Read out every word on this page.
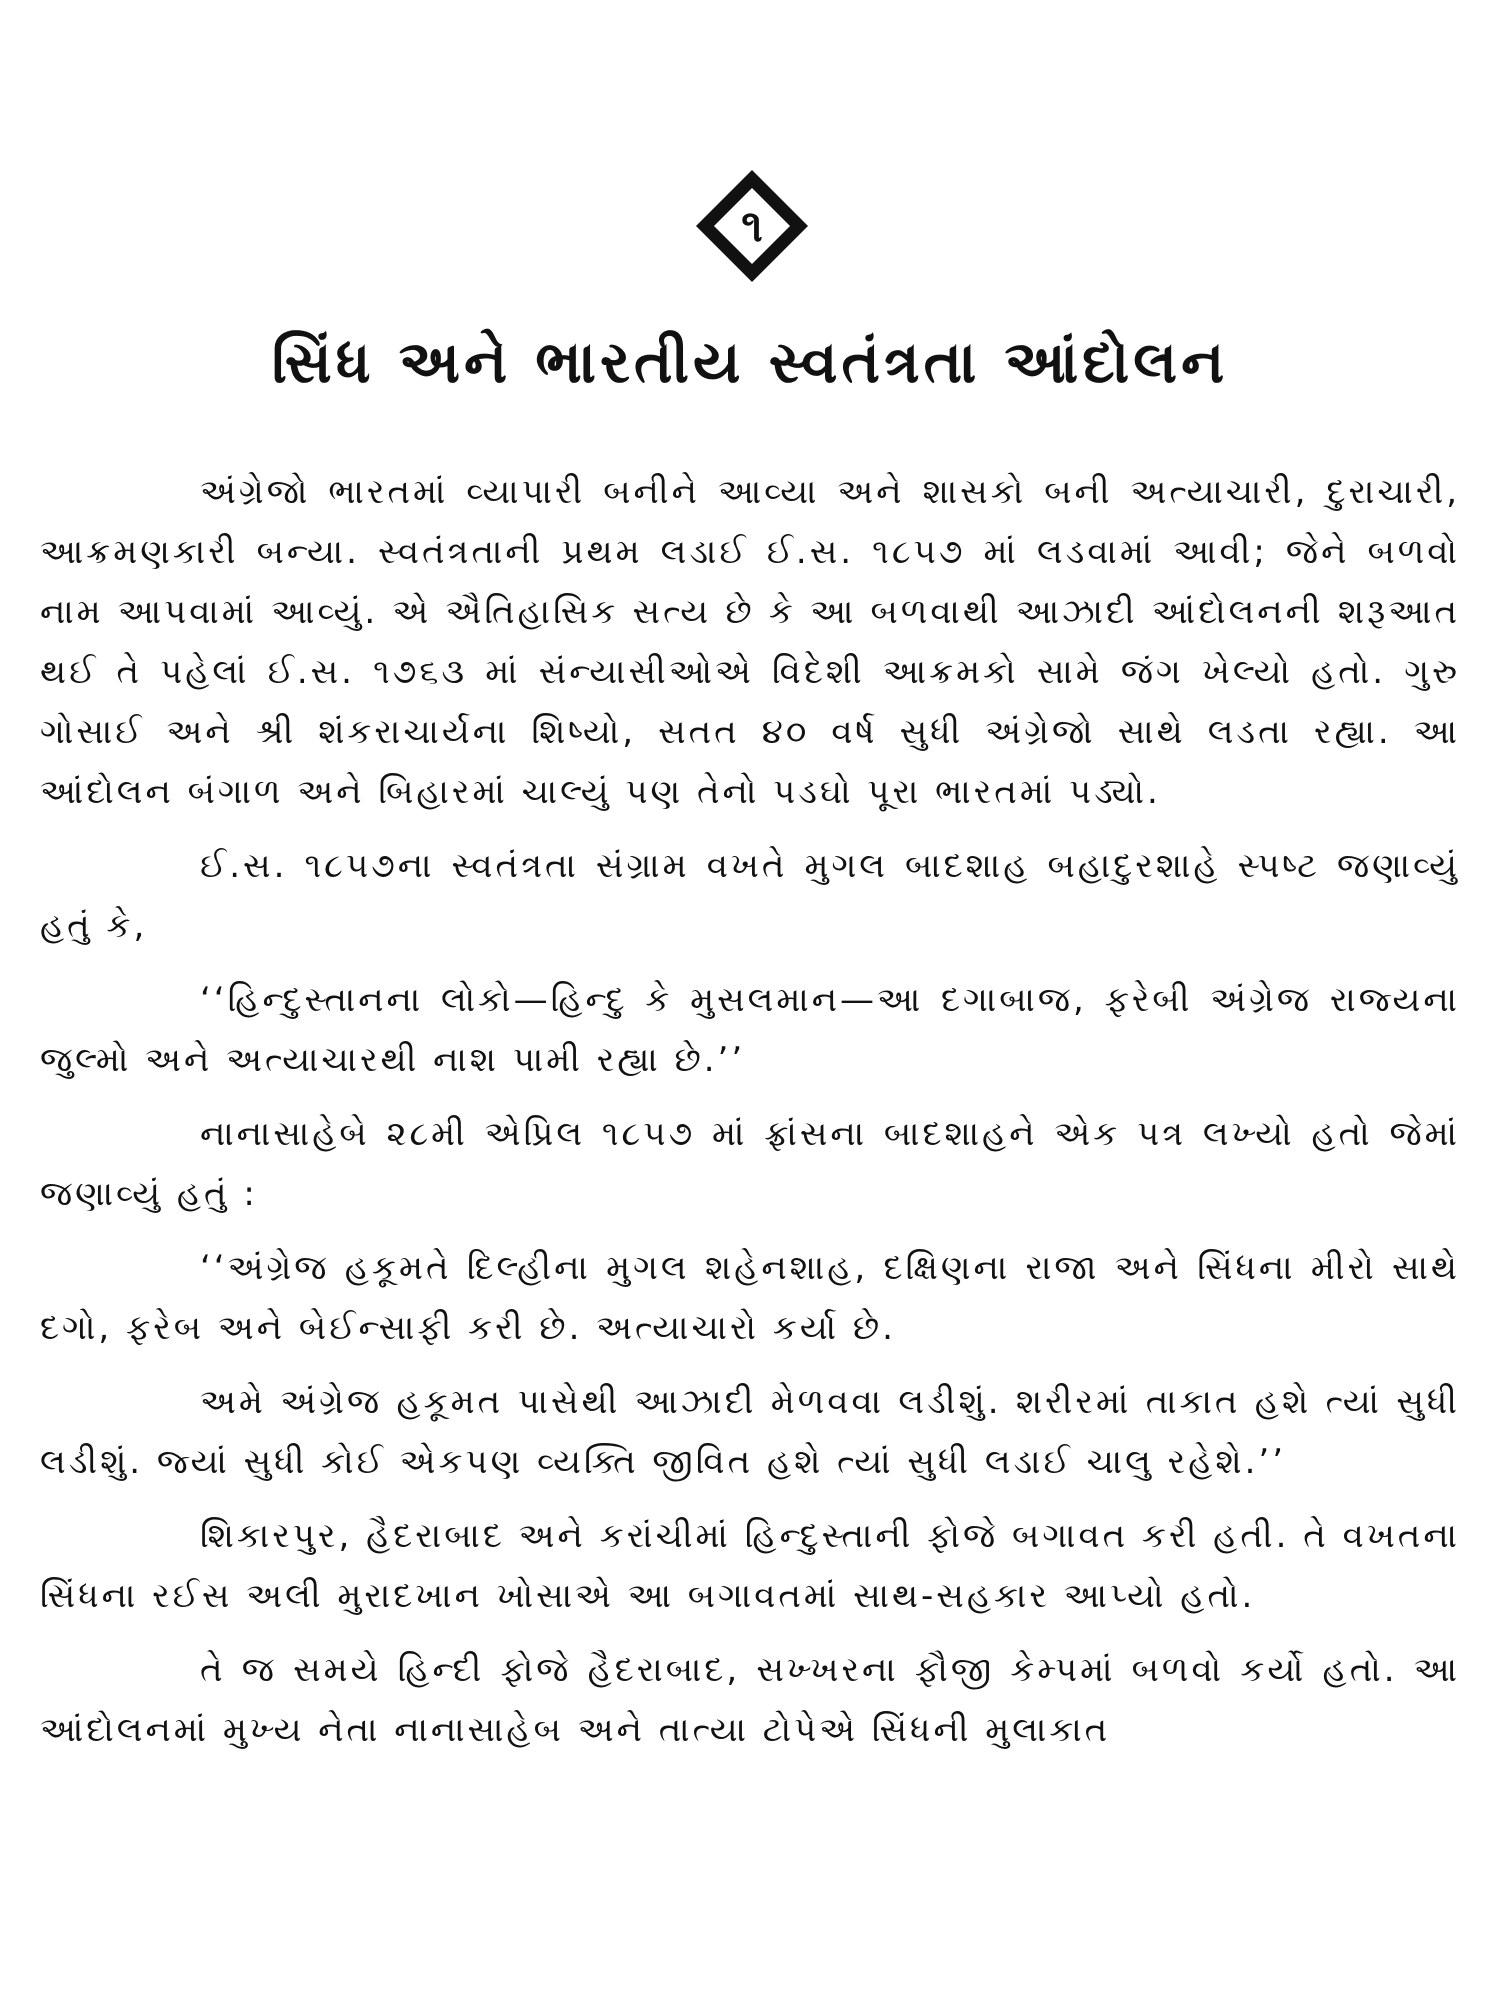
૧
સિંધ અને ભારતીય સ્વતંત્રતા આંદોલન

અંગ્રેજો ભારતમાં વ્યાપારી બનીને આવ્યા અને શાસકો બની અત્યાચારી, દુરાચારી, આક્રમણકારી બન્યા. સ્વતંત્રતાની પ્રથમ લડાઈ ઈ.સ. ૧૮૫૭ માં લડવામાં આવી; જેને બળવો નામ આપવામાં આવ્યું. એ ઐતિહાસિક સત્ય છે કે આ બળવાથી આઝાદી આંદોલનની શરૂઆત થઈ તે પહેલાં ઈ.સ. ૧૭૬૩ માં સંન્યાસીઓએ વિદેશી આક્રમકો સામે જંગ ખેલ્યો હતો. ગુરુ ગોસાઈ અને શ્રી શંકરાચાર્યના શિષ્યો, સતત ૪૦ વર્ષ સુધી અંગ્રેજો સાથે લડતા રહ્યા. આ આંદોલન બંગાળ અને બિહારમાં ચાલ્યું પણ તેનો પડઘો પૂરા ભારતમાં પડ્યો.

ઈ.સ. ૧૮૫૭ના સ્વતંત્રતા સંગ્રામ વખતે મુગલ બાદશાહ બહાદુરશાહે સ્પષ્ટ જણાવ્યું હતું કે,

‘‘હિન્દુસ્તાનના લોકો—હિન્દુ કે મુસલમાન—આ દગાબાજ, ફરેબી અંગ્રેજ રાજ્યના જુલ્મો અને અત્યાચારથી નાશ પામી રહ્યા છે.’’

નાનાસાહેબે ૨૮મી એપ્રિલ ૧૮૫૭ માં ફ્રાંસના બાદશાહને એક પત્ર લખ્યો હતો જેમાં જણાવ્યું હતું :

‘‘અંગ્રેજ હકૂમતે દિલ્હીના મુગલ શહેનશાહ, દક્ષિણના રાજા અને સિંધના મીરો સાથે દગો, ફરેબ અને બેઈન્સાફી કરી છે. અત્યાચારો કર્યા છે.

અમે અંગ્રેજ હકૂમત પાસેથી આઝાદી મેળવવા લડીશું. શરીરમાં તાકાત હશે ત્યાં સુધી લડીશું. જ્યાં સુધી કોઈ એકપણ વ્યક્તિ જીવિત હશે ત્યાં સુધી લડાઈ ચાલુ રહેશે.’’

શિકારપુર, હૈદરાબાદ અને કરાંચીમાં હિન્દુસ્તાની ફોજે બગાવત કરી હતી. તે વખતના સિંધના રઈસ અલી મુરાદખાન ખોસાએ આ બગાવતમાં સાથ-સહકાર આપ્યો હતો.

તે જ સમયે હિન્દી ફોજે હૈદરાબાદ, સખ્ખરના ફૌજી કેમ્પમાં બળવો કર્યો હતો. આ આંદોલનમાં મુખ્ય નેતા નાનાસાહેબ અને તાત્યા ટોપેએ સિંધની મુલાકાત
